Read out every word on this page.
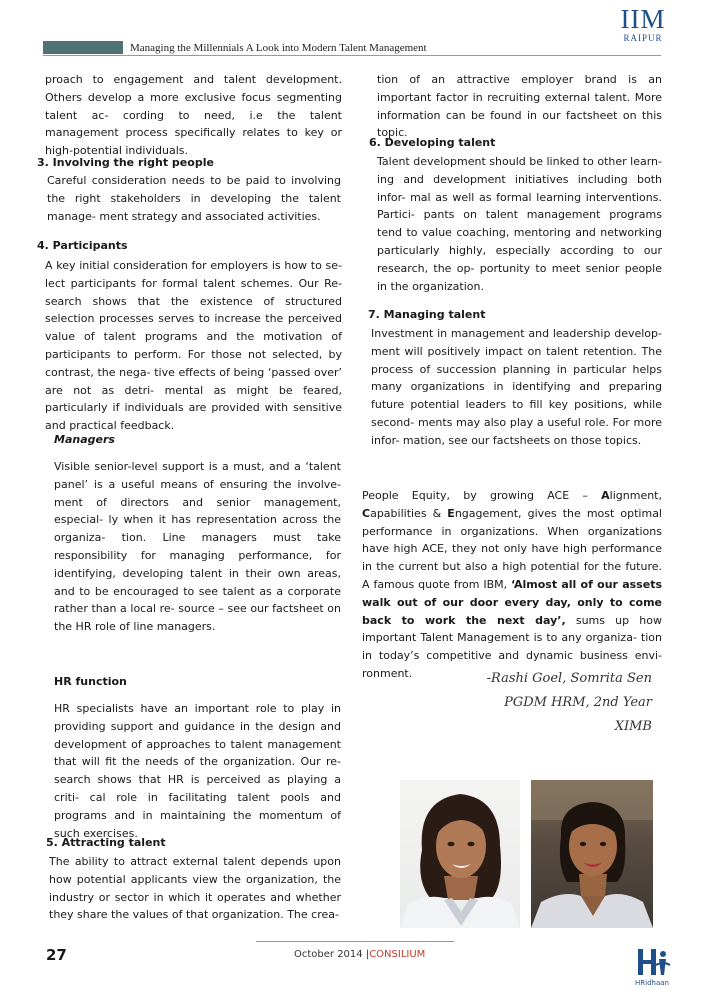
Managing the Millennials A Look into Modern Talent Management
IIM
RAIPUR

proach to engagement and talent development. Others develop a more exclusive focus segmenting talent ac- cording to need, i.e the talent management process specifically relates to key or high-potential individuals.

3. Involving the right people
Careful consideration needs to be paid to involving the right stakeholders in developing the talent manage- ment strategy and associated activities.
4. Participants
A key initial consideration for employers is how to se- lect participants for formal talent schemes. Our Re- search shows that the existence of structured selection processes serves to increase the perceived value of talent programs and the motivation of participants to perform. For those not selected, by contrast, the nega- tive effects of being ‘passed over’ are not as detri- mental as might be feared, particularly if individuals are provided with sensitive and practical feedback.
Managers
Visible senior-level support is a must, and a ‘talent panel’ is a useful means of ensuring the involve- ment of directors and senior management, especial- ly when it has representation across the organiza- tion. Line managers must take responsibility for managing performance, for identifying, developing talent in their own areas, and to be encouraged to see talent as a corporate rather than a local re- source – see our factsheet on the HR role of line managers.
HR function
HR specialists have an important role to play in providing support and guidance in the design and development of approaches to talent management that will fit the needs of the organization. Our re- search shows that HR is perceived as playing a criti- cal role in facilitating talent pools and programs and in maintaining the momentum of such exercises.
5. Attracting talent
The ability to attract external talent depends upon how potential applicants view the organization, the industry or sector in which it operates and whether they share the values of that organization. The crea-
tion of an attractive employer brand is an important factor in recruiting external talent. More information can be found in our factsheet on this topic.
6. Developing talent
Talent development should be linked to other learn- ing and development initiatives including both infor- mal as well as formal learning interventions. Partici- pants on talent management programs tend to value coaching, mentoring and networking particularly highly, especially according to our research, the op- portunity to meet senior people in the organization.
7. Managing talent
Investment in management and leadership develop- ment will positively impact on talent retention. The process of succession planning in particular helps many organizations in identifying and preparing future potential leaders to fill key positions, while second- ments may also play a useful role. For more infor- mation, see our factsheets on those topics.
People Equity, by growing ACE – Alignment, Capabilities & Engagement, gives the most optimal performance in organizations. When organizations have high ACE, they not only have high performance in the current but also a high potential for the future. A famous quote from IBM, ‘Almost all of our assets walk out of our door every day, only to come back to work the next day’, sums up how important Talent Management is to any organiza- tion in today’s competitive and dynamic business envi- ronment.	-Rashi Goel, Somrita Sen
PGDM HRM, 2nd Year
XIMB
27	October 2014 |CONSILIUM
HRidhaan
